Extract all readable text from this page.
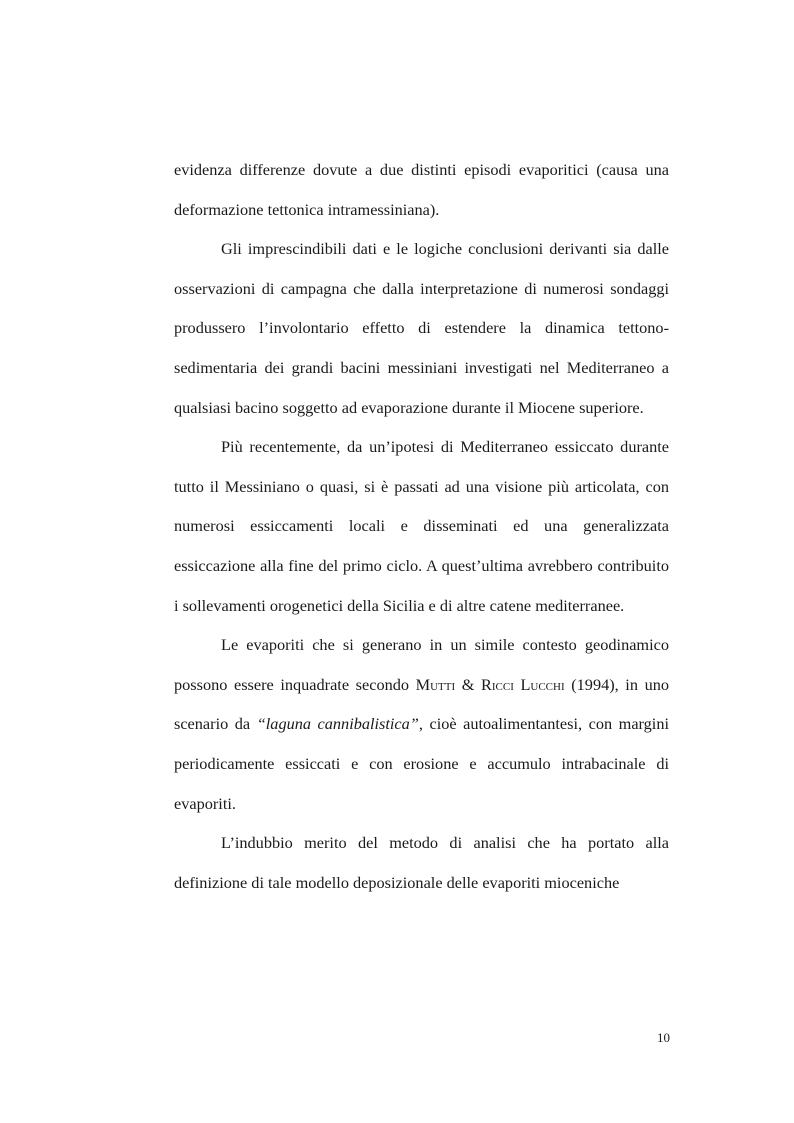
evidenza differenze dovute a due distinti episodi evaporitici (causa una deformazione tettonica intramessiniana).

Gli imprescindibili dati e le logiche conclusioni derivanti sia dalle osservazioni di campagna che dalla interpretazione di numerosi sondaggi produssero l’involontario effetto di estendere la dinamica tettono-sedimentaria dei grandi bacini messiniani investigati nel Mediterraneo a qualsiasi bacino soggetto ad evaporazione durante il Miocene superiore.

Più recentemente, da un’ipotesi di Mediterraneo essiccato durante tutto il Messiniano o quasi, si è passati ad una visione più articolata, con numerosi essiccamenti locali e disseminati ed una generalizzata essiccazione alla fine del primo ciclo. A quest’ultima avrebbero contribuito i sollevamenti orogenetici della Sicilia e di altre catene mediterranee.

Le evaporiti che si generano in un simile contesto geodinamico possono essere inquadrate secondo Mutti & Ricci Lucchi (1994), in uno scenario da “laguna cannibalistica”, cioè autoalimentantesi, con margini periodicamente essiccati e con erosione e accumulo intrabacinale di evaporiti.

L’indubbio merito del metodo di analisi che ha portato alla definizione di tale modello deposizionale delle evaporiti mioceniche

10
